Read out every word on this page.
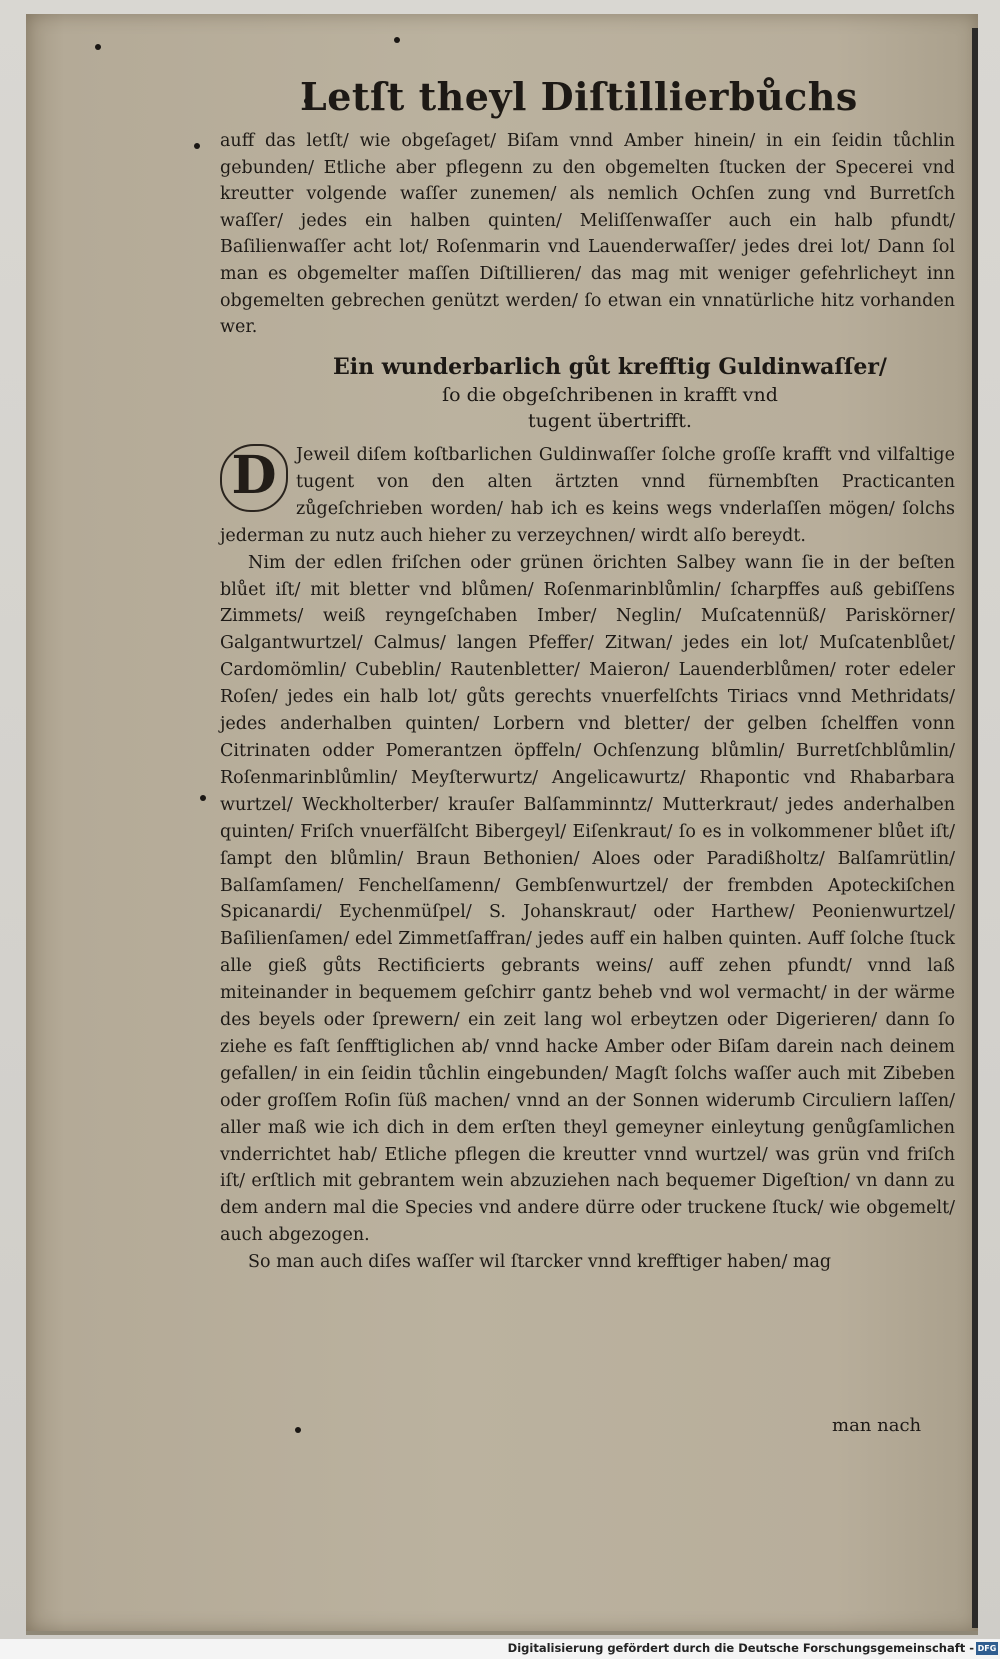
Letſt theyl Diſtillierbůchs

auff das letſt/ wie obgeſaget/ Biſam vnnd Amber hinein/ in ein ſeidin tůchlin gebunden/ Etliche aber pflegenn zu den obgemelten ſtucken der Specerei vnd kreutter volgende waſſer zunemen/ als nemlich Ochſen zung vnd Burretſch waſſer/ jedes ein halben quinten/ Meliſſenwaſſer auch ein halb pfundt/ Baſilienwaſſer acht lot/ Roſenmarin vnd Lauenderwaſſer/ jedes drei lot/ Dann ſol man es obgemelter maſſen Diſtillieren/ das mag mit weniger gefehrlicheyt inn obgemelten gebrechen genützt werden/ ſo etwan ein vnnatürliche hitz vorhanden wer.

Ein wunderbarlich gůt krefftig Guldinwaſſer/
ſo die obgeſchribenen in krafft vnd
tugent übertrifft.

D	Jeweil diſem koſtbarlichen Guldinwaſſer ſolche groſſe krafft vnd vilfaltige tugent von den alten ärtzten vnnd fürnembſten Practicanten zůgeſchrieben worden/ hab ich es keins wegs vnderlaſſen mögen/ ſolchs jederman zu nutz auch hieher zu verzeychnen/ wirdt alſo bereydt.

Nim der edlen friſchen oder grünen örichten Salbey wann ſie in der beſten blůet iſt/ mit bletter vnd blůmen/ Roſenmarinblůmlin/ ſcharpffes auß gebiſſens Zimmets/ weiß reyngeſchaben Imber/ Neglin/ Muſcatennüß/ Pariskörner/ Galgantwurtzel/ Calmus/ langen Pfeffer/ Zitwan/ jedes ein lot/ Muſcatenblůet/ Cardomömlin/ Cubeblin/ Rautenbletter/ Maieron/ Lauenderblůmen/ roter edeler Roſen/ jedes ein halb lot/ gůts gerechts vnuerfelſchts Tiriacs vnnd Methridats/ jedes anderhalben quinten/ Lorbern vnd bletter/ der gelben ſchelffen vonn Citrinaten odder Pomerantzen öpffeln/ Ochſenzung blůmlin/ Burretſchblůmlin/ Roſenmarinblůmlin/ Meyſterwurtz/ Angelicawurtz/ Rhapontic vnd Rhabarbara wurtzel/ Weckholterber/ krauſer Balſamminntz/ Mutterkraut/ jedes anderhalben quinten/ Friſch vnuerfälſcht Bibergeyl/ Eiſenkraut/ ſo es in volkommener blůet iſt/ ſampt den blůmlin/ Braun Bethonien/ Aloes oder Paradißholtz/ Balſamrütlin/ Balſamſamen/ Fenchelſamenn/ Gembſenwurtzel/ der frembden Apoteckiſchen Spicanardi/ Eychenmüſpel/ S. Johanskraut/ oder Harthew/ Peonienwurtzel/ Baſilienſamen/ edel Zimmetſaffran/ jedes auff ein halben quinten. Auff ſolche ſtuck alle gieß gůts Rectificierts gebrants weins/ auff zehen pfundt/ vnnd laß miteinander in bequemem geſchirr gantz beheb vnd wol vermacht/ in der wärme des beyels oder ſprewern/ ein zeit lang wol erbeytzen oder Digerieren/ dann ſo ziehe es faſt ſenfftiglichen ab/ vnnd hacke Amber oder Biſam darein nach deinem gefallen/ in ein ſeidin tůchlin eingebunden/ Magſt ſolchs waſſer auch mit Zibeben oder groſſem Roſin ſüß machen/ vnnd an der Sonnen widerumb Circuliern laſſen/ aller maß wie ich dich in dem erſten theyl gemeyner einleytung genůgſamlichen vnderrichtet hab/ Etliche pflegen die kreutter vnnd wurtzel/ was grün vnd friſch iſt/ erſtlich mit gebrantem wein abzuziehen nach bequemer Digeſtion/ vn dann zu dem andern mal die Species vnd andere dürre oder truckene ſtuck/ wie obgemelt/ auch abgezogen.

So man auch diſes waſſer wil ſtarcker vnnd krefftiger haben/ mag

man nach
Digitalisierung gefördert durch die Deutsche Forschungsgemeinschaft - DFG
